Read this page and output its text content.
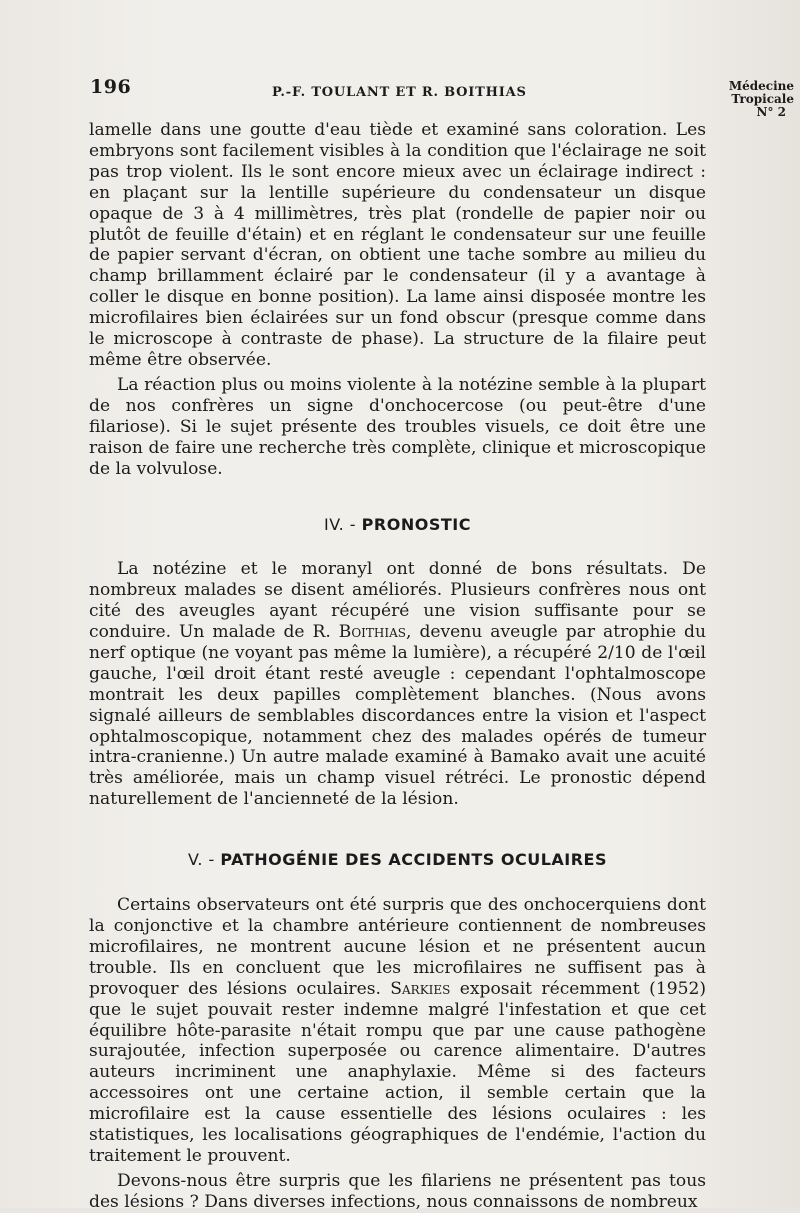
196	P.-F. TOULANT ET R. BOITHIAS	Médecine
Tropicale
N° 2

lamelle dans une goutte d'eau tiède et examiné sans coloration. Les embryons sont facilement visibles à la condition que l'éclairage ne soit pas trop violent. Ils le sont encore mieux avec un éclairage indirect : en plaçant sur la lentille supérieure du condensateur un disque opaque de 3 à 4 millimètres, très plat (rondelle de papier noir ou plutôt de feuille d'étain) et en réglant le condensateur sur une feuille de papier servant d'écran, on obtient une tache sombre au milieu du champ brillamment éclairé par le condensateur (il y a avantage à coller le disque en bonne position). La lame ainsi disposée montre les microfilaires bien éclairées sur un fond obscur (presque comme dans le microscope à contraste de phase). La structure de la filaire peut même être observée.

La réaction plus ou moins violente à la notézine semble à la plupart de nos confrères un signe d'onchocercose (ou peut-être d'une filariose). Si le sujet présente des troubles visuels, ce doit être une raison de faire une recherche très complète, clinique et microscopique de la volvulose.

IV. - PRONOSTIC

La notézine et le moranyl ont donné de bons résultats. De nombreux malades se disent améliorés. Plusieurs confrères nous ont cité des aveugles ayant récupéré une vision suffisante pour se conduire. Un malade de R. Boithias, devenu aveugle par atrophie du nerf optique (ne voyant pas même la lumière), a récupéré 2/10 de l'œil gauche, l'œil droit étant resté aveugle : cependant l'ophtalmoscope montrait les deux papilles complètement blanches. (Nous avons signalé ailleurs de semblables discordances entre la vision et l'aspect ophtalmoscopique, notamment chez des malades opérés de tumeur intra-cranienne.) Un autre malade examiné à Bamako avait une acuité très améliorée, mais un champ visuel rétréci. Le pronostic dépend naturellement de l'ancienneté de la lésion.

V. - PATHOGÉNIE DES ACCIDENTS OCULAIRES

Certains observateurs ont été surpris que des onchocerquiens dont la conjonctive et la chambre antérieure contiennent de nombreuses microfilaires, ne montrent aucune lésion et ne présentent aucun trouble. Ils en concluent que les microfilaires ne suffisent pas à provoquer des lésions oculaires. Sarkies exposait récemment (1952) que le sujet pouvait rester indemne malgré l'infestation et que cet équilibre hôte-parasite n'était rompu que par une cause pathogène surajoutée, infection superposée ou carence alimentaire. D'autres auteurs incriminent une anaphylaxie. Même si des facteurs accessoires ont une certaine action, il semble certain que la microfilaire est la cause essentielle des lésions oculaires : les statistiques, les localisations géographiques de l'endémie, l'action du traitement le prouvent.

Devons-nous être surpris que les filariens ne présentent pas tous des lésions ? Dans diverses infections, nous connaissons de nombreux
